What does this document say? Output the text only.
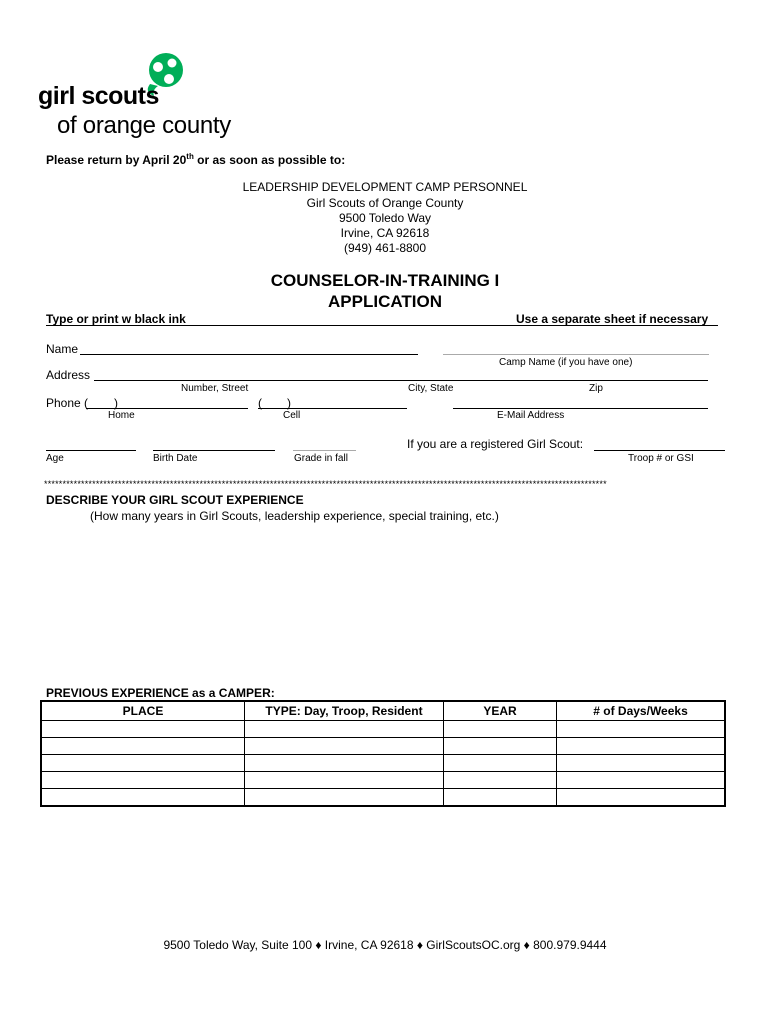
girl scouts
of orange county
Please return by April 20th or as soon as possible to:
LEADERSHIP DEVELOPMENT CAMP PERSONNEL
Girl Scouts of Orange County
9500 Toledo Way
Irvine, CA 92618
(949) 461-8800
COUNSELOR-IN-TRAINING I
APPLICATION
Type or print w black ink	Use a separate sheet if necessary
Name
Camp Name (if you have one)
Address
Number, Street	City, State	Zip
Phone ( )	( )
Home	Cell	E-Mail Address
If you are a registered Girl Scout:
Age	Birth Date	Grade in fall	Troop # or GSI
********************************************************************************************************************************************************
DESCRIBE YOUR GIRL SCOUT EXPERIENCE
(How many years in Girl Scouts, leadership experience, special training, etc.)
PREVIOUS EXPERIENCE as a CAMPER:
PLACE	TYPE: Day, Troop, Resident	YEAR	# of Days/Weeks

9500 Toledo Way, Suite 100 ♦ Irvine, CA 92618 ♦ GirlScoutsOC.org ♦ 800.979.9444
